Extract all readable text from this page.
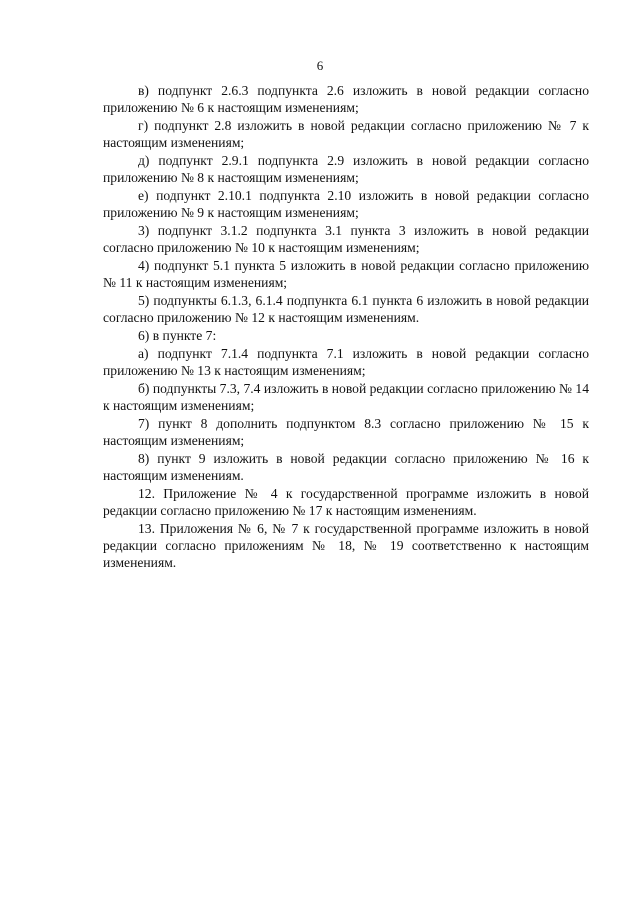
6

в) подпункт 2.6.3 подпункта 2.6 изложить в новой редакции согласно приложению № 6 к настоящим изменениям;

г) подпункт 2.8 изложить в новой редакции согласно приложению № 7 к настоящим изменениям;

д) подпункт 2.9.1 подпункта 2.9 изложить в новой редакции согласно приложению № 8 к настоящим изменениям;

е) подпункт 2.10.1 подпункта 2.10 изложить в новой редакции согласно приложению № 9 к настоящим изменениям;

3) подпункт 3.1.2 подпункта 3.1 пункта 3 изложить в новой редакции согласно приложению № 10 к настоящим изменениям;

4) подпункт 5.1 пункта 5 изложить в новой редакции согласно приложению № 11 к настоящим изменениям;

5) подпункты 6.1.3, 6.1.4 подпункта 6.1 пункта 6 изложить в новой редакции согласно приложению № 12 к настоящим изменениям.

6) в пункте 7:

а) подпункт 7.1.4 подпункта 7.1 изложить в новой редакции согласно приложению № 13 к настоящим изменениям;

б) подпункты 7.3, 7.4 изложить в новой редакции согласно приложению № 14 к настоящим изменениям;

7) пункт 8 дополнить подпунктом 8.3 согласно приложению № 15 к настоящим изменениям;

8) пункт 9 изложить в новой редакции согласно приложению № 16 к настоящим изменениям.

12. Приложение № 4 к государственной программе изложить в новой редакции согласно приложению № 17 к настоящим изменениям.

13. Приложения № 6, № 7 к государственной программе изложить в новой редакции согласно приложениям № 18, № 19 соответственно к настоящим изменениям.
